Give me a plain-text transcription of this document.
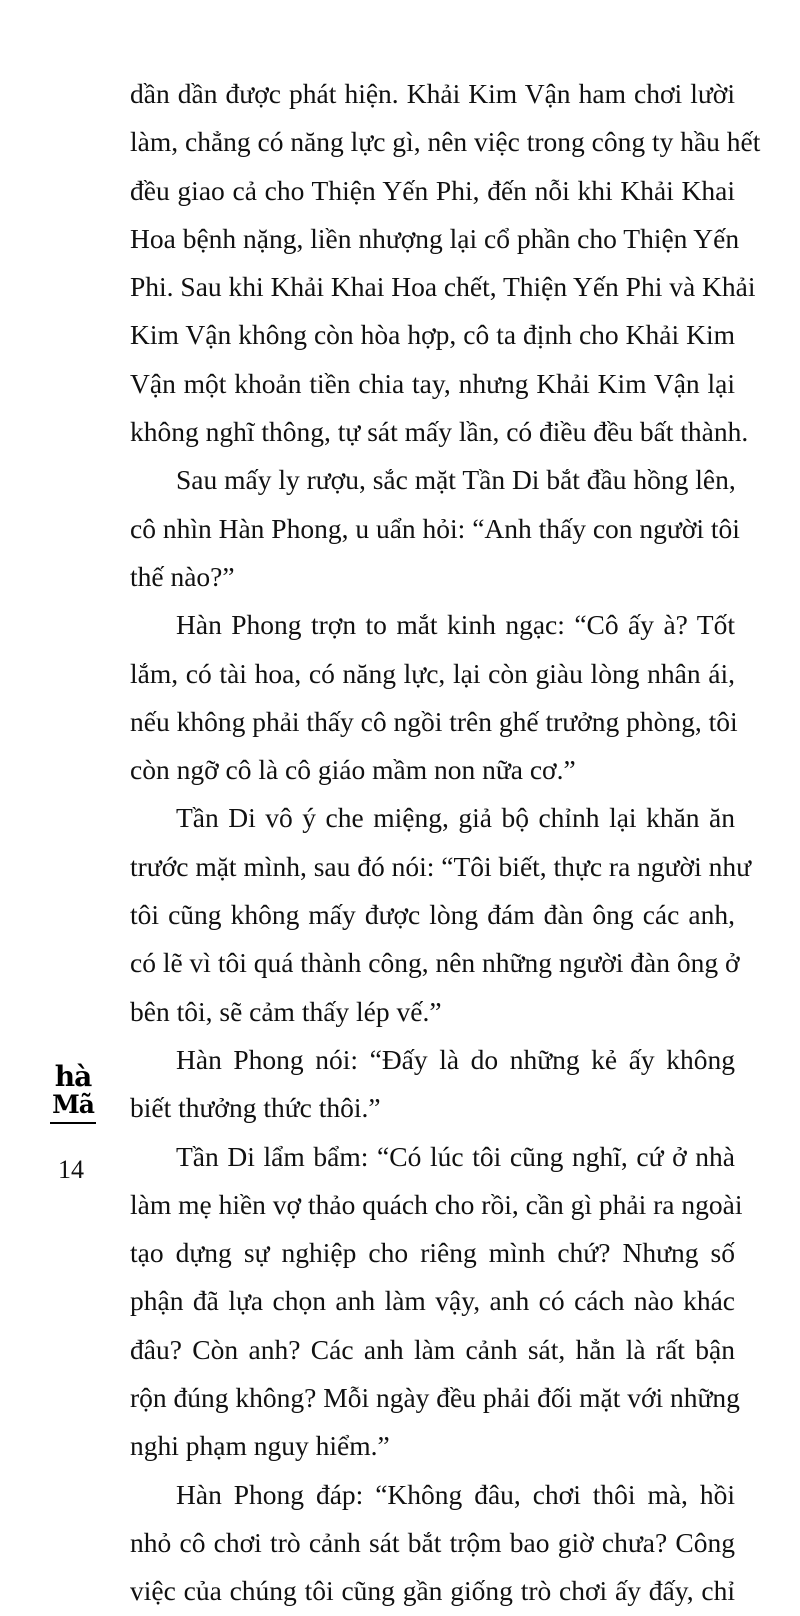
dần dần được phát hiện. Khải Kim Vận ham chơi lười
làm, chẳng có năng lực gì, nên việc trong công ty hầu hết
đều giao cả cho Thiện Yến Phi, đến nỗi khi Khải Khai
Hoa bệnh nặng, liền nhượng lại cổ phần cho Thiện Yến
Phi. Sau khi Khải Khai Hoa chết, Thiện Yến Phi và Khải
Kim Vận không còn hòa hợp, cô ta định cho Khải Kim
Vận một khoản tiền chia tay, nhưng Khải Kim Vận lại
không nghĩ thông, tự sát mấy lần, có điều đều bất thành.
Sau mấy ly rượu, sắc mặt Tần Di bắt đầu hồng lên,
cô nhìn Hàn Phong, u uẩn hỏi: “Anh thấy con người tôi
thế nào?”
Hàn Phong trợn to mắt kinh ngạc: “Cô ấy à? Tốt
lắm, có tài hoa, có năng lực, lại còn giàu lòng nhân ái,
nếu không phải thấy cô ngồi trên ghế trưởng phòng, tôi
còn ngỡ cô là cô giáo mầm non nữa cơ.”
Tần Di vô ý che miệng, giả bộ chỉnh lại khăn ăn
trước mặt mình, sau đó nói: “Tôi biết, thực ra người như
tôi cũng không mấy được lòng đám đàn ông các anh,
có lẽ vì tôi quá thành công, nên những người đàn ông ở
bên tôi, sẽ cảm thấy lép vế.”
Hàn Phong nói: “Đấy là do những kẻ ấy không
biết thưởng thức thôi.”
Tần Di lẩm bẩm: “Có lúc tôi cũng nghĩ, cứ ở nhà
làm mẹ hiền vợ thảo quách cho rồi, cần gì phải ra ngoài
tạo dựng sự nghiệp cho riêng mình chứ? Nhưng số
phận đã lựa chọn anh làm vậy, anh có cách nào khác
đâu? Còn anh? Các anh làm cảnh sát, hẳn là rất bận
rộn đúng không? Mỗi ngày đều phải đối mặt với những
nghi phạm nguy hiểm.”
Hàn Phong đáp: “Không đâu, chơi thôi mà, hồi
nhỏ cô chơi trò cảnh sát bắt trộm bao giờ chưa? Công
việc của chúng tôi cũng gần giống trò chơi ấy đấy, chỉ
hà
Mã
14
